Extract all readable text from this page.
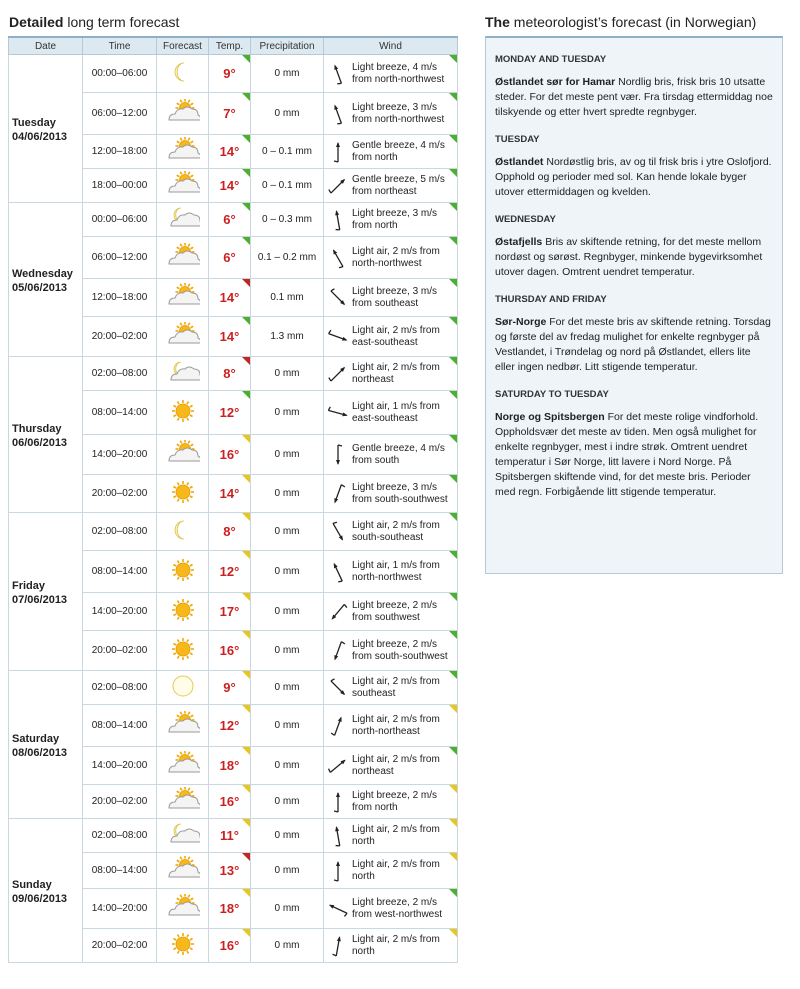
Detailed long term forecast
Date	Time	Forecast	Temp.	Precipitation	Wind

Tuesday
04/06/2013	00:00–06:00		9°	0 mm	Light breeze, 4 m/s from north-northwest

	06:00–12:00		7°	0 mm	Light breeze, 3 m/s from north-northwest

	12:00–18:00		14°	0 – 0.1 mm	Gentle breeze, 4 m/s from north

	18:00–00:00		14°	0 – 0.1 mm	Gentle breeze, 5 m/s from northeast

Wednesday
05/06/2013	00:00–06:00		6°	0 – 0.3 mm	Light breeze, 3 m/s from north

	06:00–12:00		6°	0.1 – 0.2 mm	Light air, 2 m/s from north-northwest

	12:00–18:00		14°	0.1 mm	Light breeze, 3 m/s from southeast

	20:00–02:00		14°	1.3 mm	Light air, 2 m/s from east-southeast

Thursday
06/06/2013	02:00–08:00		8°	0 mm	Light air, 2 m/s from northeast

	08:00–14:00		12°	0 mm	Light air, 1 m/s from east-southeast

	14:00–20:00		16°	0 mm	Gentle breeze, 4 m/s from south

	20:00–02:00		14°	0 mm	Light breeze, 3 m/s from south-southwest

Friday
07/06/2013	02:00–08:00		8°	0 mm	Light air, 2 m/s from south-southeast

	08:00–14:00		12°	0 mm	Light air, 1 m/s from north-northwest

	14:00–20:00		17°	0 mm	Light breeze, 2 m/s from southwest

	20:00–02:00		16°	0 mm	Light breeze, 2 m/s from south-southwest

Saturday
08/06/2013	02:00–08:00		9°	0 mm	Light air, 2 m/s from southeast

	08:00–14:00		12°	0 mm	Light air, 2 m/s from north-northeast

	14:00–20:00		18°	0 mm	Light air, 2 m/s from northeast

	20:00–02:00		16°	0 mm	Light breeze, 2 m/s from north

Sunday
09/06/2013	02:00–08:00		11°	0 mm	Light air, 2 m/s from north

	08:00–14:00		13°	0 mm	Light air, 2 m/s from north

	14:00–20:00		18°	0 mm	Light breeze, 2 m/s from west-northwest

	20:00–02:00		16°	0 mm	Light air, 2 m/s from north
The meteorologist’s forecast (in Norwegian)
MONDAY AND TUESDAY

Østlandet sør for Hamar Nordlig bris, frisk bris 10 utsatte steder. For det meste pent vær. Fra tirsdag ettermiddag noe tilskyende og etter hvert spredte regnbyger.

TUESDAY

Østlandet Nordøstlig bris, av og til frisk bris i ytre Oslofjord. Opphold og perioder med sol. Kan hende lokale byger utover ettermiddagen og kvelden.

WEDNESDAY

Østafjells Bris av skiftende retning, for det meste mellom nordøst og sørøst. Regnbyger, minkende bygevirksomhet utover dagen. Omtrent uendret temperatur.

THURSDAY AND FRIDAY

Sør-Norge For det meste bris av skiftende retning. Torsdag og første del av fredag mulighet for enkelte regnbyger på Vestlandet, i Trøndelag og nord på Østlandet, ellers lite eller ingen nedbør. Litt stigende temperatur.

SATURDAY TO TUESDAY

Norge og Spitsbergen For det meste rolige vindforhold. Oppholdsvær det meste av tiden. Men også mulighet for enkelte regnbyger, mest i indre strøk. Omtrent uendret temperatur i Sør Norge, litt lavere i Nord Norge. På Spitsbergen skiftende vind, for det meste bris. Perioder med regn. Forbigående litt stigende temperatur.
